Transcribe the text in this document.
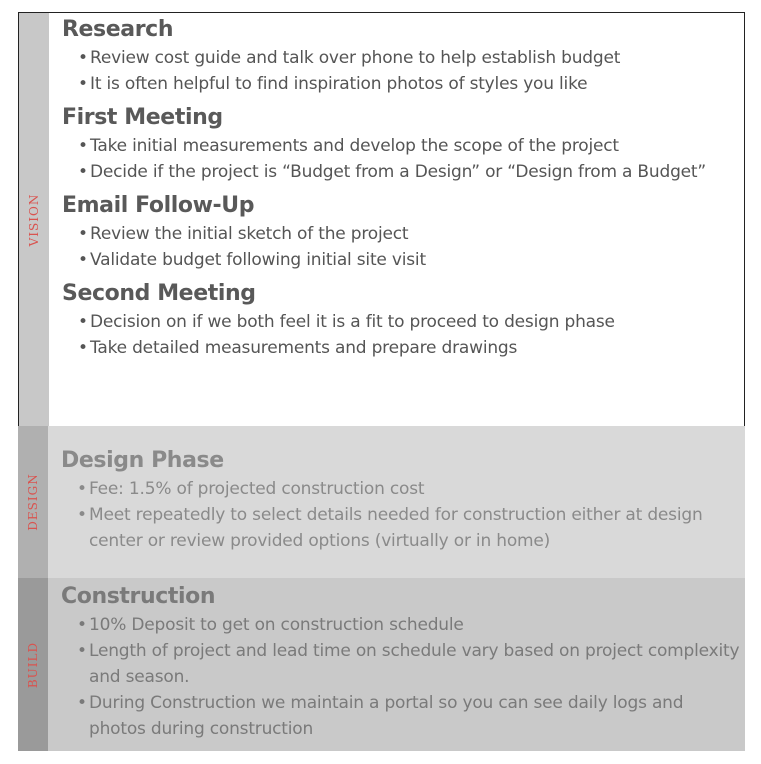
VISION
Research
• Review cost guide and talk over phone to help establish budget
• It is often helpful to find inspiration photos of styles you like
First Meeting
• Take initial measurements and develop the scope of the project
• Decide if the project is “Budget from a Design” or “Design from a Budget”
Email Follow-Up
• Review the initial sketch of the project
• Validate budget following initial site visit
Second Meeting
• Decision on if we both feel it is a fit to proceed to design phase
• Take detailed measurements and prepare drawings
DESIGN
Design Phase
• Fee: 1.5% of projected construction cost
• Meet repeatedly to select details needed for construction either at design center or review provided options (virtually or in home)
BUILD
Construction
• 10% Deposit to get on construction schedule
• Length of project and lead time on schedule vary based on project complexity and season.
• During Construction we maintain a portal so you can see daily logs and photos during construction
